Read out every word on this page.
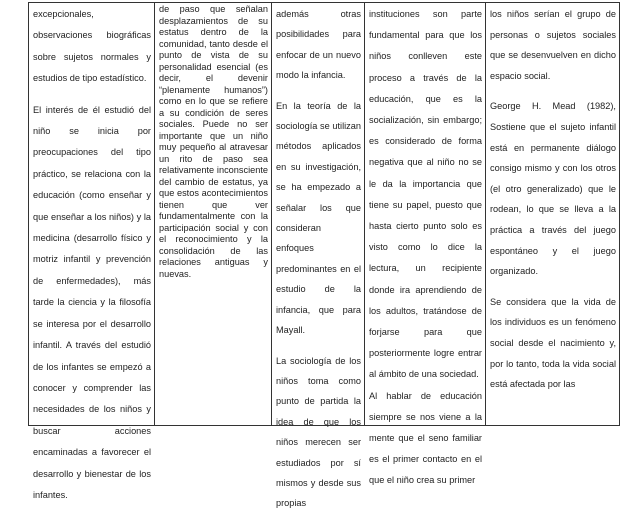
excepcionales, observaciones biográficas sobre sujetos normales y estudios de tipo estadístico.

El interés de él estudió del niño se inicia por preocupaciones del tipo práctico, se relaciona con la educación (como enseñar y que enseñar a los niños) y la medicina (desarrollo físico y motriz infantil y prevención de enfermedades), más tarde la ciencia y la filosofía se interesa por el desarrollo infantil. A través del estudió de los infantes se empezó a conocer y comprender las necesidades de los niños y buscar acciones encaminadas a favorecer el desarrollo y bienestar de los infantes.

de paso que señalan desplazamientos de su estatus dentro de la comunidad, tanto desde el punto de vista de su personalidad esencial (es decir, el devenir “plenamente humanos”) como en lo que se refiere a su condición de seres sociales. Puede no ser importante que un niño muy pequeño al atravesar un rito de paso sea relativamente inconsciente del cambio de estatus, ya que estos acontecimientos tienen que ver fundamentalmente con la participación social y con el reconocimiento y la consolidación de las relaciones antiguas y nuevas.

además otras posibilidades para enfocar de un nuevo modo la infancia.

En la teoría de la sociología se utilizan métodos aplicados en su investigación, se ha empezado a señalar los que consideran enfoques predominantes en el estudio de la infancia, que para Mayall.

La sociología de los niños toma como punto de partida la idea de que los niños merecen ser estudiados por sí mismos y desde sus propias

instituciones son parte fundamental para que los niños conlleven este proceso a través de la educación, que es la socialización, sin embargo; es considerado de forma negativa que al niño no se le da la importancia que tiene su papel, puesto que hasta cierto punto solo es visto como lo dice la lectura, un recipiente donde ira aprendiendo de los adultos, tratándose de forjarse para que posteriormente logre entrar al ámbito de una sociedad.

Al hablar de educación siempre se nos viene a la mente que el seno familiar es el primer contacto en el que el niño crea su primer

los niños serían el grupo de personas o sujetos sociales que se desenvuelven en dicho espacio social.

George H. Mead (1982), Sostiene que el sujeto infantil está en permanente diálogo consigo mismo y con los otros (el otro generalizado) que le rodean, lo que se lleva a la práctica a través del juego espontáneo y el juego organizado.

Se considera que la vida de los individuos es un fenómeno social desde el nacimiento y, por lo tanto, toda la vida social está afectada por las
